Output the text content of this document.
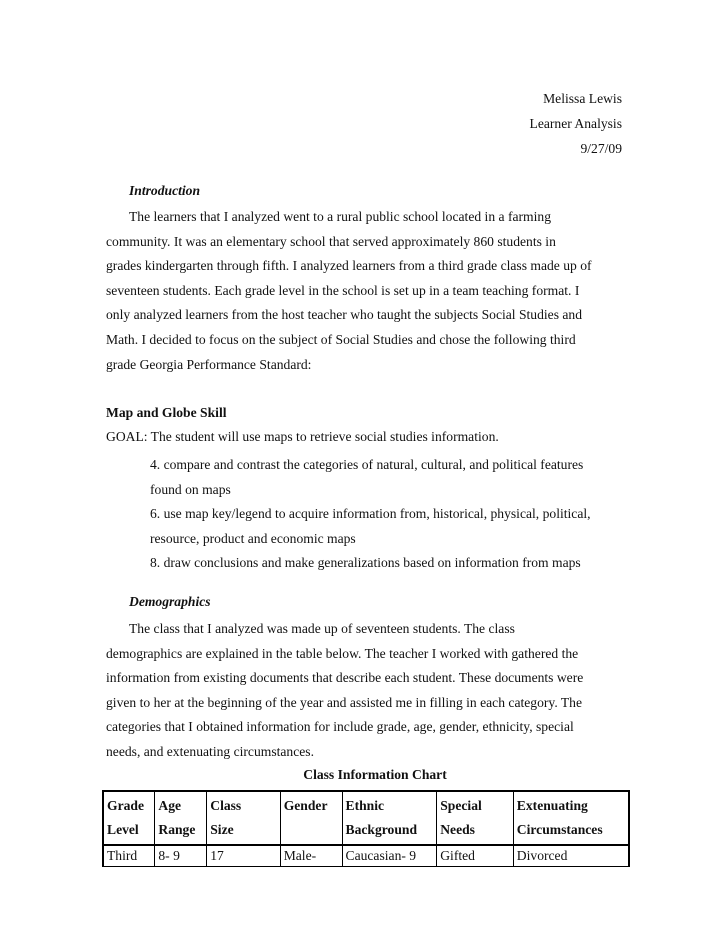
Melissa Lewis
Learner Analysis
9/27/09
Introduction
The learners that I analyzed went to a rural public school located in a farming
community. It was an elementary school that served approximately 860 students in
grades kindergarten through fifth. I analyzed learners from a third grade class made up of
seventeen students. Each grade level in the school is set up in a team teaching format. I
only analyzed learners from the host teacher who taught the subjects Social Studies and
Math. I decided to focus on the subject of Social Studies and chose the following third
grade Georgia Performance Standard:
Map and Globe Skill
GOAL: The student will use maps to retrieve social studies information.
4. compare and contrast the categories of natural, cultural, and political features
found on maps
6. use map key/legend to acquire information from, historical, physical, political,
resource, product and economic maps
8. draw conclusions and make generalizations based on information from maps
Demographics
The class that I analyzed was made up of seventeen students. The class
demographics are explained in the table below. The teacher I worked with gathered the
information from existing documents that describe each student. These documents were
given to her at the beginning of the year and assisted me in filling in each category. The
categories that I obtained information for include grade, age, gender, ethnicity, special
needs, and extenuating circumstances.
Class Information Chart
Grade	Age	Class	Gender	Ethnic	Special	Extenuating
Level	Range	Size		Background	Needs	Circumstances
Third	8- 9	17	Male-	Caucasian- 9	Gifted	Divorced
